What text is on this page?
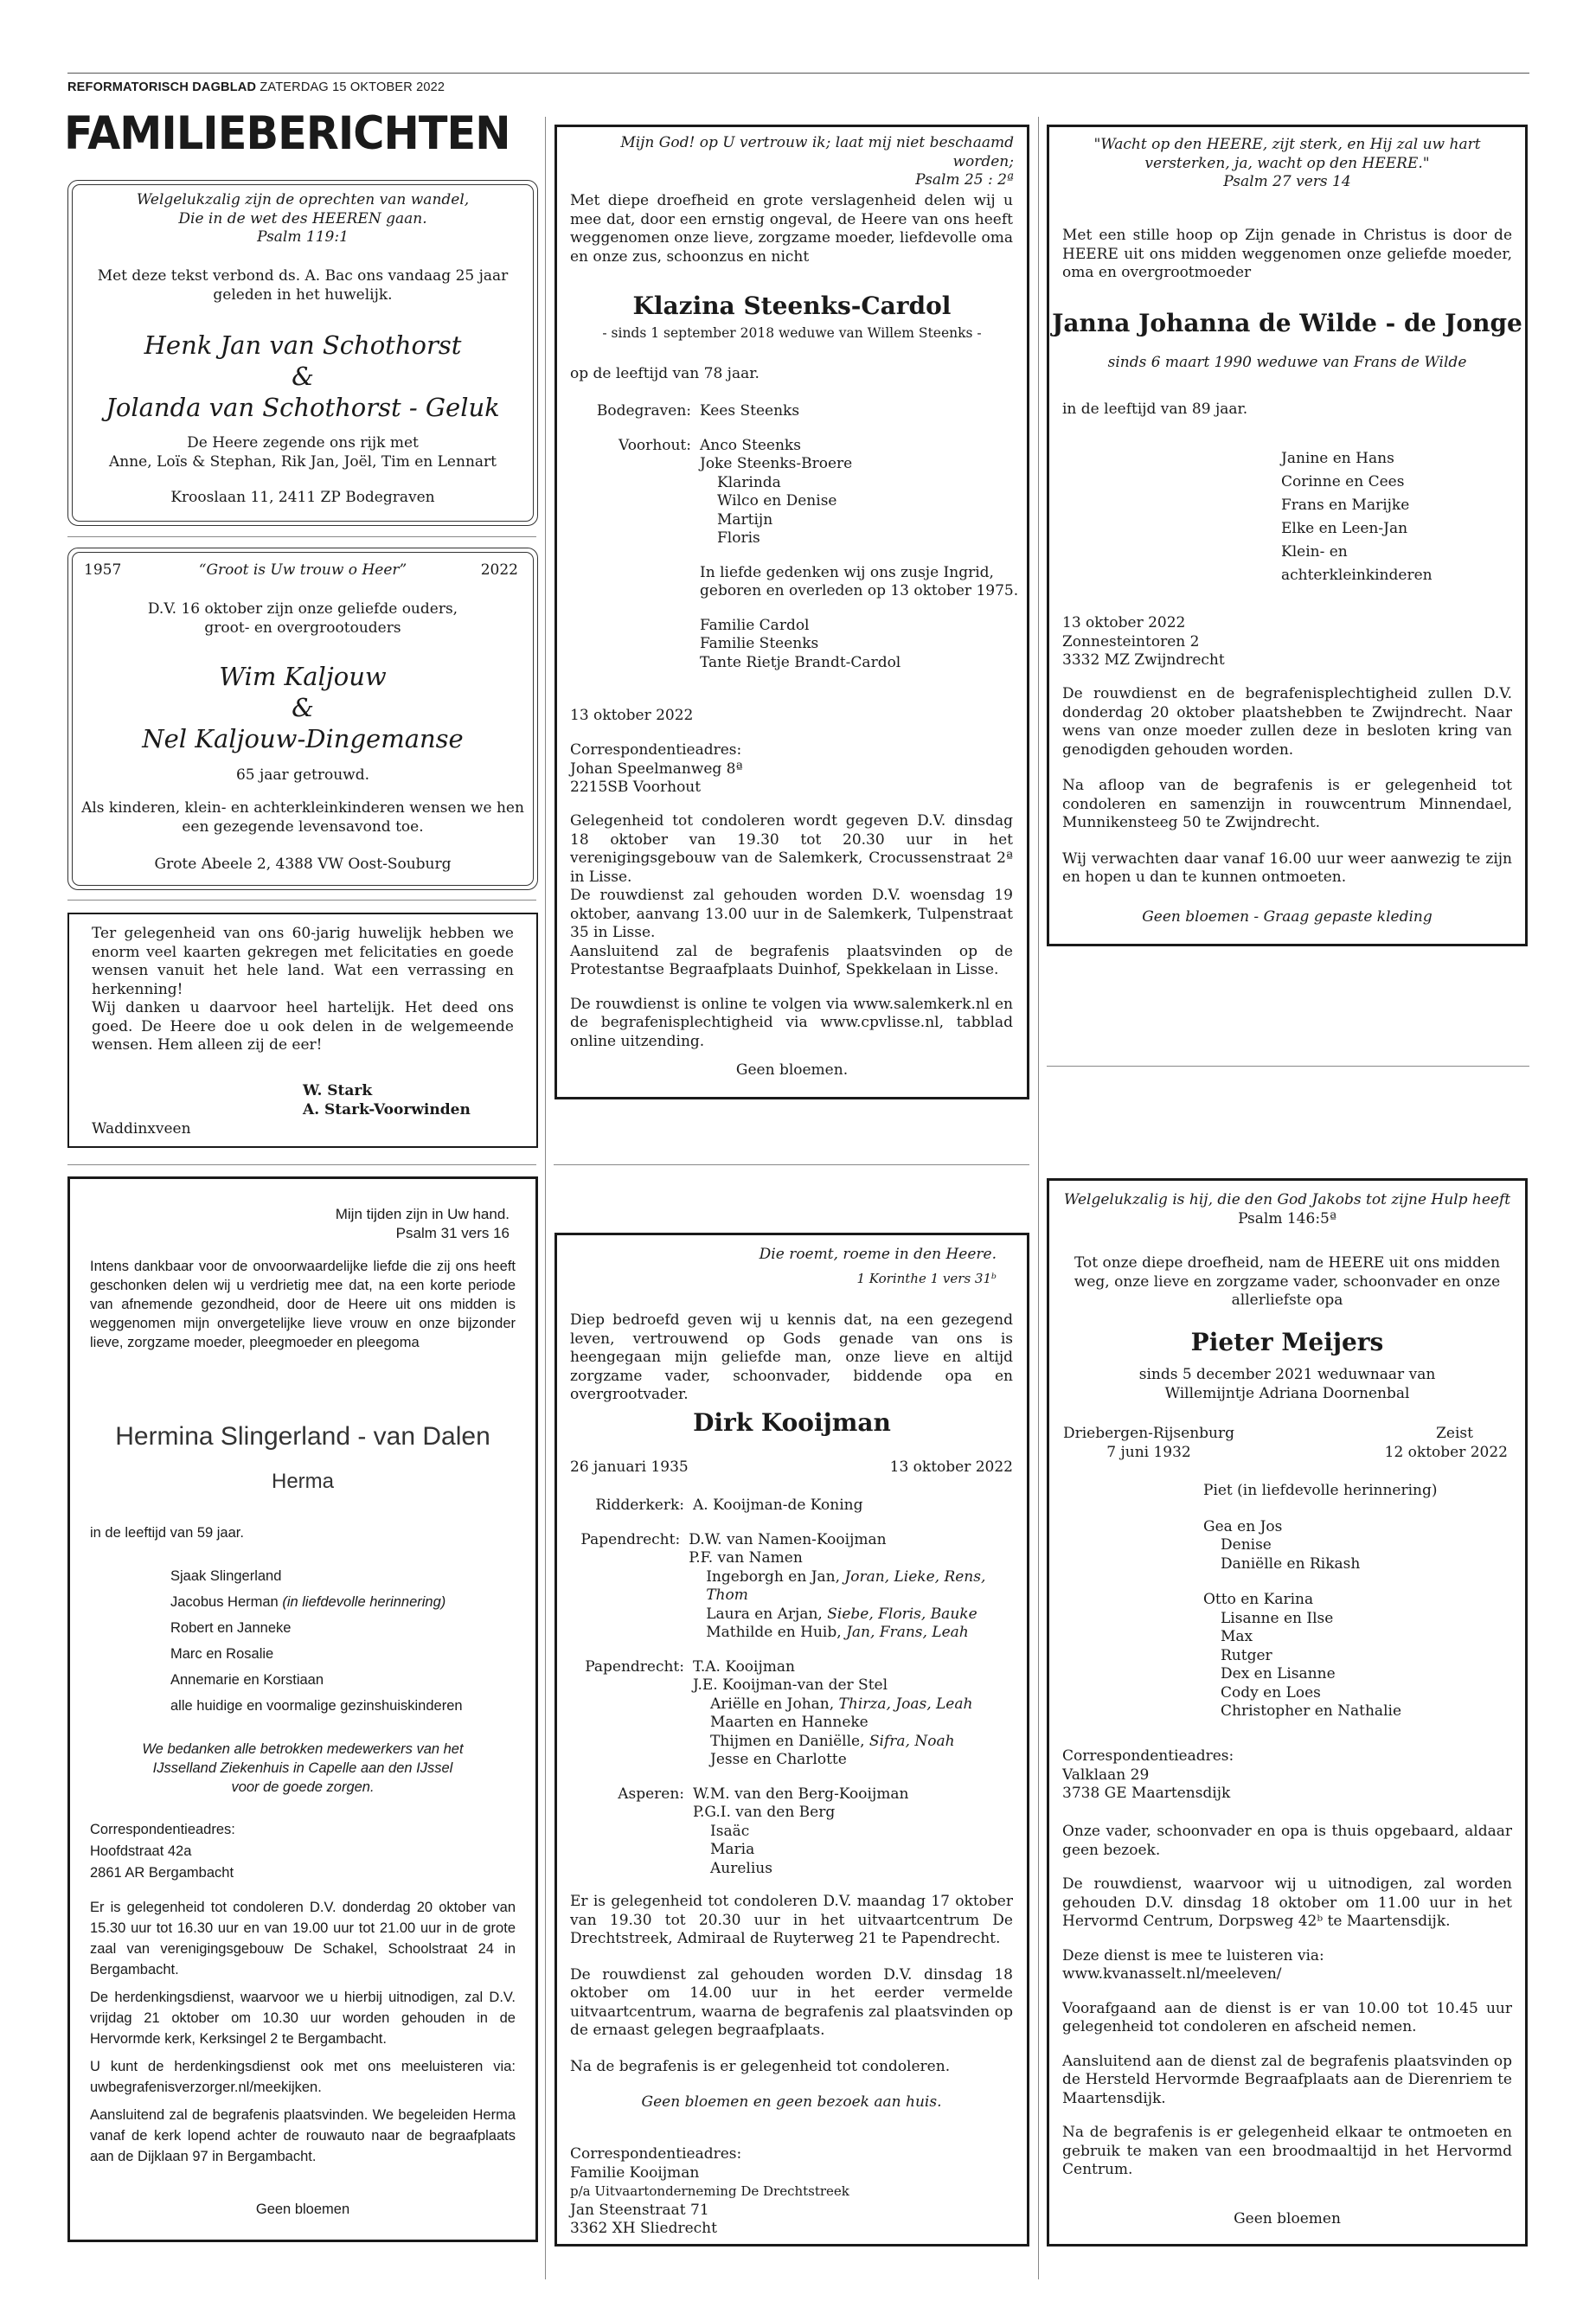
REFORMATORISCH DAGBLAD ZATERDAG 15 OKTOBER 2022
FAMILIEBERICHTEN
Welgelukzalig zijn de oprechten van wandel,
Die in de wet des HEEREN gaan.
Psalm 119:1
Met deze tekst verbond ds. A. Bac ons vandaag 25 jaar
geleden in het huwelijk.
Henk Jan van Schothorst
&
Jolanda van Schothorst - Geluk
De Heere zegende ons rijk met
Anne, Loïs & Stephan, Rik Jan, Joël, Tim en Lennart
Krooslaan 11, 2411 ZP Bodegraven
1957	“Groot is Uw trouw o Heer”	2022
D.V. 16 oktober zijn onze geliefde ouders,
groot- en overgrootouders
Wim Kaljouw
&
Nel Kaljouw-Dingemanse
65 jaar getrouwd.
Als kinderen, klein- en achterkleinkinderen wensen we hen
een gezegende levensavond toe.
Grote Abeele 2, 4388 VW Oost-Souburg

Ter gelegenheid van ons 60-jarig huwelijk hebben we enorm veel kaarten gekregen met felicitaties en goede wensen vanuit het hele land. Wat een verrassing en herkenning!

Wij danken u daarvoor heel hartelijk. Het deed ons goed. De Heere doe u ook delen in de welgemeende wensen. Hem alleen zij de eer!

W. Stark
A. Stark-Voorwinden
Waddinxveen
Mijn God! op U vertrouw ik; laat mij niet beschaamd worden;
Psalm 25 : 2ª
Met diepe droefheid en grote verslagenheid delen wij u mee dat, door een ernstig ongeval, de Heere van ons heeft weggenomen onze lieve, zorgzame moeder, liefdevolle oma en onze zus, schoonzus en nicht
Klazina Steenks-Cardol
- sinds 1 september 2018 weduwe van Willem Steenks -
op de leeftijd van 78 jaar.
Bodegraven: Kees Steenks
Voorhout: Anco Steenks
Joke Steenks-Broere
Klarinda
Wilco en Denise
Martijn
Floris
In liefde gedenken wij ons zusje Ingrid,
geboren en overleden op 13 oktober 1975.
Familie Cardol
Familie Steenks
Tante Rietje Brandt-Cardol
13 oktober 2022
Correspondentieadres:
Johan Speelmanweg 8ª
2215SB Voorhout

Gelegenheid tot condoleren wordt gegeven D.V. dinsdag 18 oktober van 19.30 tot 20.30 uur in het verenigingsgebouw van de Salemkerk, Crocussenstraat 2ª in Lisse.

De rouwdienst zal gehouden worden D.V. woensdag 19 oktober, aanvang 13.00 uur in de Salemkerk, Tulpenstraat 35 in Lisse.

Aansluitend zal de begrafenis plaatsvinden op de Protestantse Begraafplaats Duinhof, Spekkelaan in Lisse.

De rouwdienst is online te volgen via www.salemkerk.nl en de begrafenisplechtigheid via www.cpvlisse.nl, tabblad online uitzending.

Geen bloemen.
"Wacht op den HEERE, zijt sterk, en Hij zal uw hart
versterken, ja, wacht op den HEERE."
Psalm 27 vers 14
Met een stille hoop op Zijn genade in Christus is door de HEERE uit ons midden weggenomen onze geliefde moeder, oma en overgrootmoeder
Janna Johanna de Wilde - de Jonge
sinds 6 maart 1990 weduwe van Frans de Wilde
in de leeftijd van 89 jaar.
Janine en Hans
Corinne en Cees
Frans en Marijke
Elke en Leen-Jan
Klein- en
achterkleinkinderen
13 oktober 2022
Zonnesteintoren 2
3332 MZ Zwijndrecht

De rouwdienst en de begrafenisplechtigheid zullen D.V. donderdag 20 oktober plaatshebben te Zwijndrecht. Naar wens van onze moeder zullen deze in besloten kring van genodigden gehouden worden.

Na afloop van de begrafenis is er gelegenheid tot condoleren en samenzijn in rouwcentrum Minnendael, Munnikensteeg 50 te Zwijndrecht.

Wij verwachten daar vanaf 16.00 uur weer aanwezig te zijn en hopen u dan te kunnen ontmoeten.

Geen bloemen - Graag gepaste kleding
Mijn tijden zijn in Uw hand.
Psalm 31 vers 16
Intens dankbaar voor de onvoorwaardelijke liefde die zij ons heeft geschonken delen wij u verdrietig mee dat, na een korte periode van afnemende gezondheid, door de Heere uit ons midden is weggenomen mijn onvergetelijke lieve vrouw en onze bijzonder lieve, zorgzame moeder, pleegmoeder en pleegoma
Hermina Slingerland - van Dalen
Herma
in de leeftijd van 59 jaar.
Sjaak Slingerland
Jacobus Herman (in liefdevolle herinnering)
Robert en Janneke
Marc en Rosalie
Annemarie en Korstiaan
alle huidige en voormalige gezinshuiskinderen
We bedanken alle betrokken medewerkers van het
IJsselland Ziekenhuis in Capelle aan den IJssel
voor de goede zorgen.
Correspondentieadres:
Hoofdstraat 42a
2861 AR Bergambacht

Er is gelegenheid tot condoleren D.V. donderdag 20 oktober van 15.30 uur tot 16.30 uur en van 19.00 uur tot 21.00 uur in de grote zaal van verenigingsgebouw De Schakel, Schoolstraat 24 in Bergambacht.

De herdenkingsdienst, waarvoor we u hierbij uitnodigen, zal D.V. vrijdag 21 oktober om 10.30 uur worden gehouden in de Hervormde kerk, Kerksingel 2 te Bergambacht.

U kunt de herdenkingsdienst ook met ons meeluisteren via: uwbegrafenisverzorger.nl/meekijken.

Aansluitend zal de begrafenis plaatsvinden. We begeleiden Herma vanaf de kerk lopend achter de rouwauto naar de begraafplaats aan de Dijklaan 97 in Bergambacht.

Geen bloemen
Die roemt, roeme in den Heere.
1 Korinthe 1 vers 31ᵇ
Diep bedroefd geven wij u kennis dat, na een gezegend leven, vertrouwend op Gods genade van ons is heengegaan mijn geliefde man, onze lieve en altijd zorgzame vader, schoonvader, biddende opa en overgrootvader.
Dirk Kooijman
26 januari 1935	13 oktober 2022
Ridderkerk: A. Kooijman-de Koning
Papendrecht: D.W. van Namen-Kooijman
P.F. van Namen
Ingeborgh en Jan, Joran, Lieke, Rens, Thom
Laura en Arjan, Siebe, Floris, Bauke
Mathilde en Huib, Jan, Frans, Leah
Papendrecht: T.A. Kooijman
J.E. Kooijman-van der Stel
Ariëlle en Johan, Thirza, Joas, Leah
Maarten en Hanneke
Thijmen en Daniëlle, Sifra, Noah
Jesse en Charlotte
Asperen: W.M. van den Berg-Kooijman
P.G.I. van den Berg
Isaäc
Maria
Aurelius

Er is gelegenheid tot condoleren D.V. maandag 17 oktober van 19.30 tot 20.30 uur in het uitvaartcentrum De Drechtstreek, Admiraal de Ruyterweg 21 te Papendrecht.

De rouwdienst zal gehouden worden D.V. dinsdag 18 oktober om 14.00 uur in het eerder vermelde uitvaartcentrum, waarna de begrafenis zal plaatsvinden op de ernaast gelegen begraafplaats.

Na de begrafenis is er gelegenheid tot condoleren.

Geen bloemen en geen bezoek aan huis.

Correspondentieadres:
Familie Kooijman
p/a Uitvaartonderneming De Drechtstreek
Jan Steenstraat 71
3362 XH Sliedrecht
Welgelukzalig is hij, die den God Jakobs tot zijne Hulp heeft
Psalm 146:5ª
Tot onze diepe droefheid, nam de HEERE uit ons midden
weg, onze lieve en zorgzame vader, schoonvader en onze
allerliefste opa
Pieter Meijers
sinds 5 december 2021 weduwnaar van
Willemijntje Adriana Doornenbal
Driebergen-Rijsenburg
7 juni 1932
Zeist
12 oktober 2022
Piet (in liefdevolle herinnering)
Gea en Jos
Denise
Daniëlle en Rikash
Otto en Karina
Lisanne en Ilse
Max
Rutger
Dex en Lisanne
Cody en Loes
Christopher en Nathalie
Correspondentieadres:
Valklaan 29
3738 GE Maartensdijk

Onze vader, schoonvader en opa is thuis opgebaard, aldaar geen bezoek.

De rouwdienst, waarvoor wij u uitnodigen, zal worden gehouden D.V. dinsdag 18 oktober om 11.00 uur in het Hervormd Centrum, Dorpsweg 42ᵇ te Maartensdijk.

Deze dienst is mee te luisteren via:
www.kvanasselt.nl/meeleven/

Voorafgaand aan de dienst is er van 10.00 tot 10.45 uur gelegenheid tot condoleren en afscheid nemen.

Aansluitend aan de dienst zal de begrafenis plaatsvinden op de Hersteld Hervormde Begraafplaats aan de Dierenriem te Maartensdijk.

Na de begrafenis is er gelegenheid elkaar te ontmoeten en gebruik te maken van een broodmaaltijd in het Hervormd Centrum.

Geen bloemen
